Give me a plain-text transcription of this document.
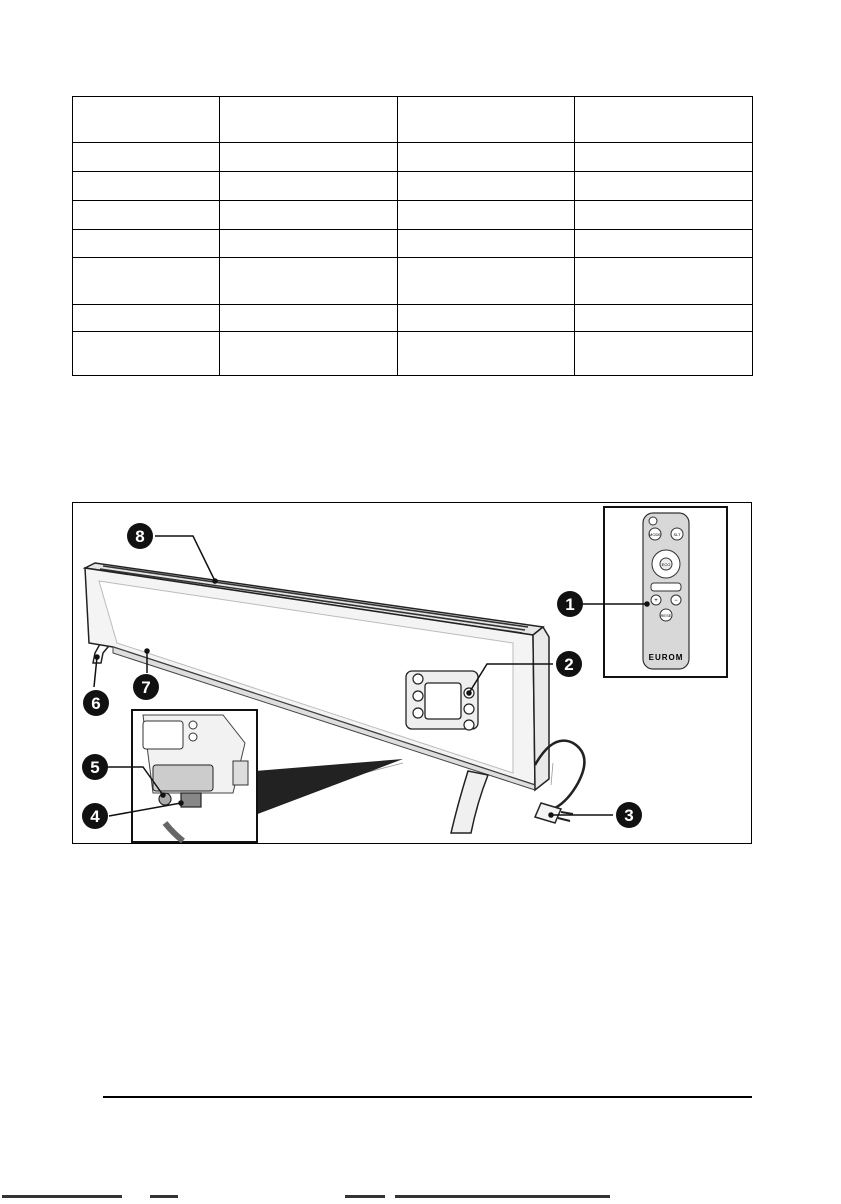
MODE	SLT
ECO
+	−
RESE
EUROM
8
1
2
3
4
5
6
7
